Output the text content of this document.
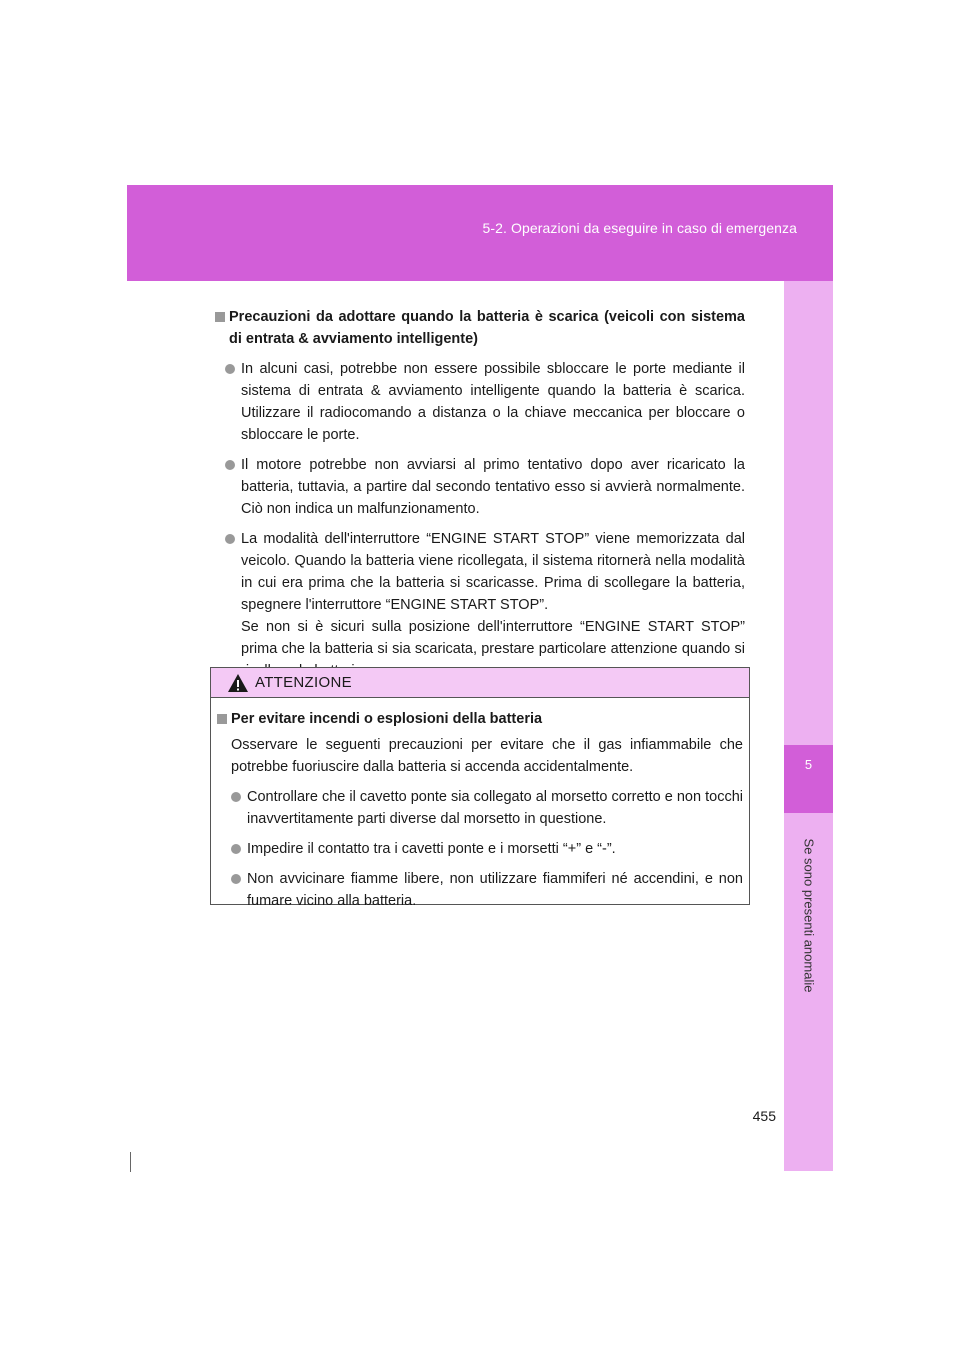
5-2. Operazioni da eseguire in caso di emergenza
5
Se sono presenti anomalie
Precauzioni da adottare quando la batteria è scarica (veicoli con sistema di entrata & avviamento intelligente)
In alcuni casi, potrebbe non essere possibile sbloccare le porte mediante il sistema di entrata & avviamento intelligente quando la batteria è scarica. Utilizzare il radiocomando a distanza o la chiave meccanica per bloccare o sbloccare le porte.
Il motore potrebbe non avviarsi al primo tentativo dopo aver ricaricato la batteria, tuttavia, a partire dal secondo tentativo esso si avvierà normalmente. Ciò non indica un malfunzionamento.
La modalità dell'interruttore “ENGINE START STOP” viene memorizzata dal veicolo. Quando la batteria viene ricollegata, il sistema ritornerà nella modalità in cui era prima che la batteria si scaricasse. Prima di scollegare la batteria, spegnere l'interruttore “ENGINE START STOP”.
Se non si è sicuri sulla posizione dell'interruttore “ENGINE START STOP” prima che la batteria si sia scaricata, prestare particolare attenzione quando si
ATTENZIONE
Per evitare incendi o esplosioni della batteria
Osservare le seguenti precauzioni per evitare che il gas infiammabile che potrebbe fuoriuscire dalla batteria si accenda accidentalmente.
Controllare che il cavetto ponte sia collegato al morsetto corretto e non tocchi inavvertitamente parti diverse dal morsetto in questione.
Impedire il contatto tra i cavetti ponte e i morsetti “+” e “-”.
Non avvicinare fiamme libere, non utilizzare fiammiferi né accendini, e non fumare vicino alla batteria.
455
